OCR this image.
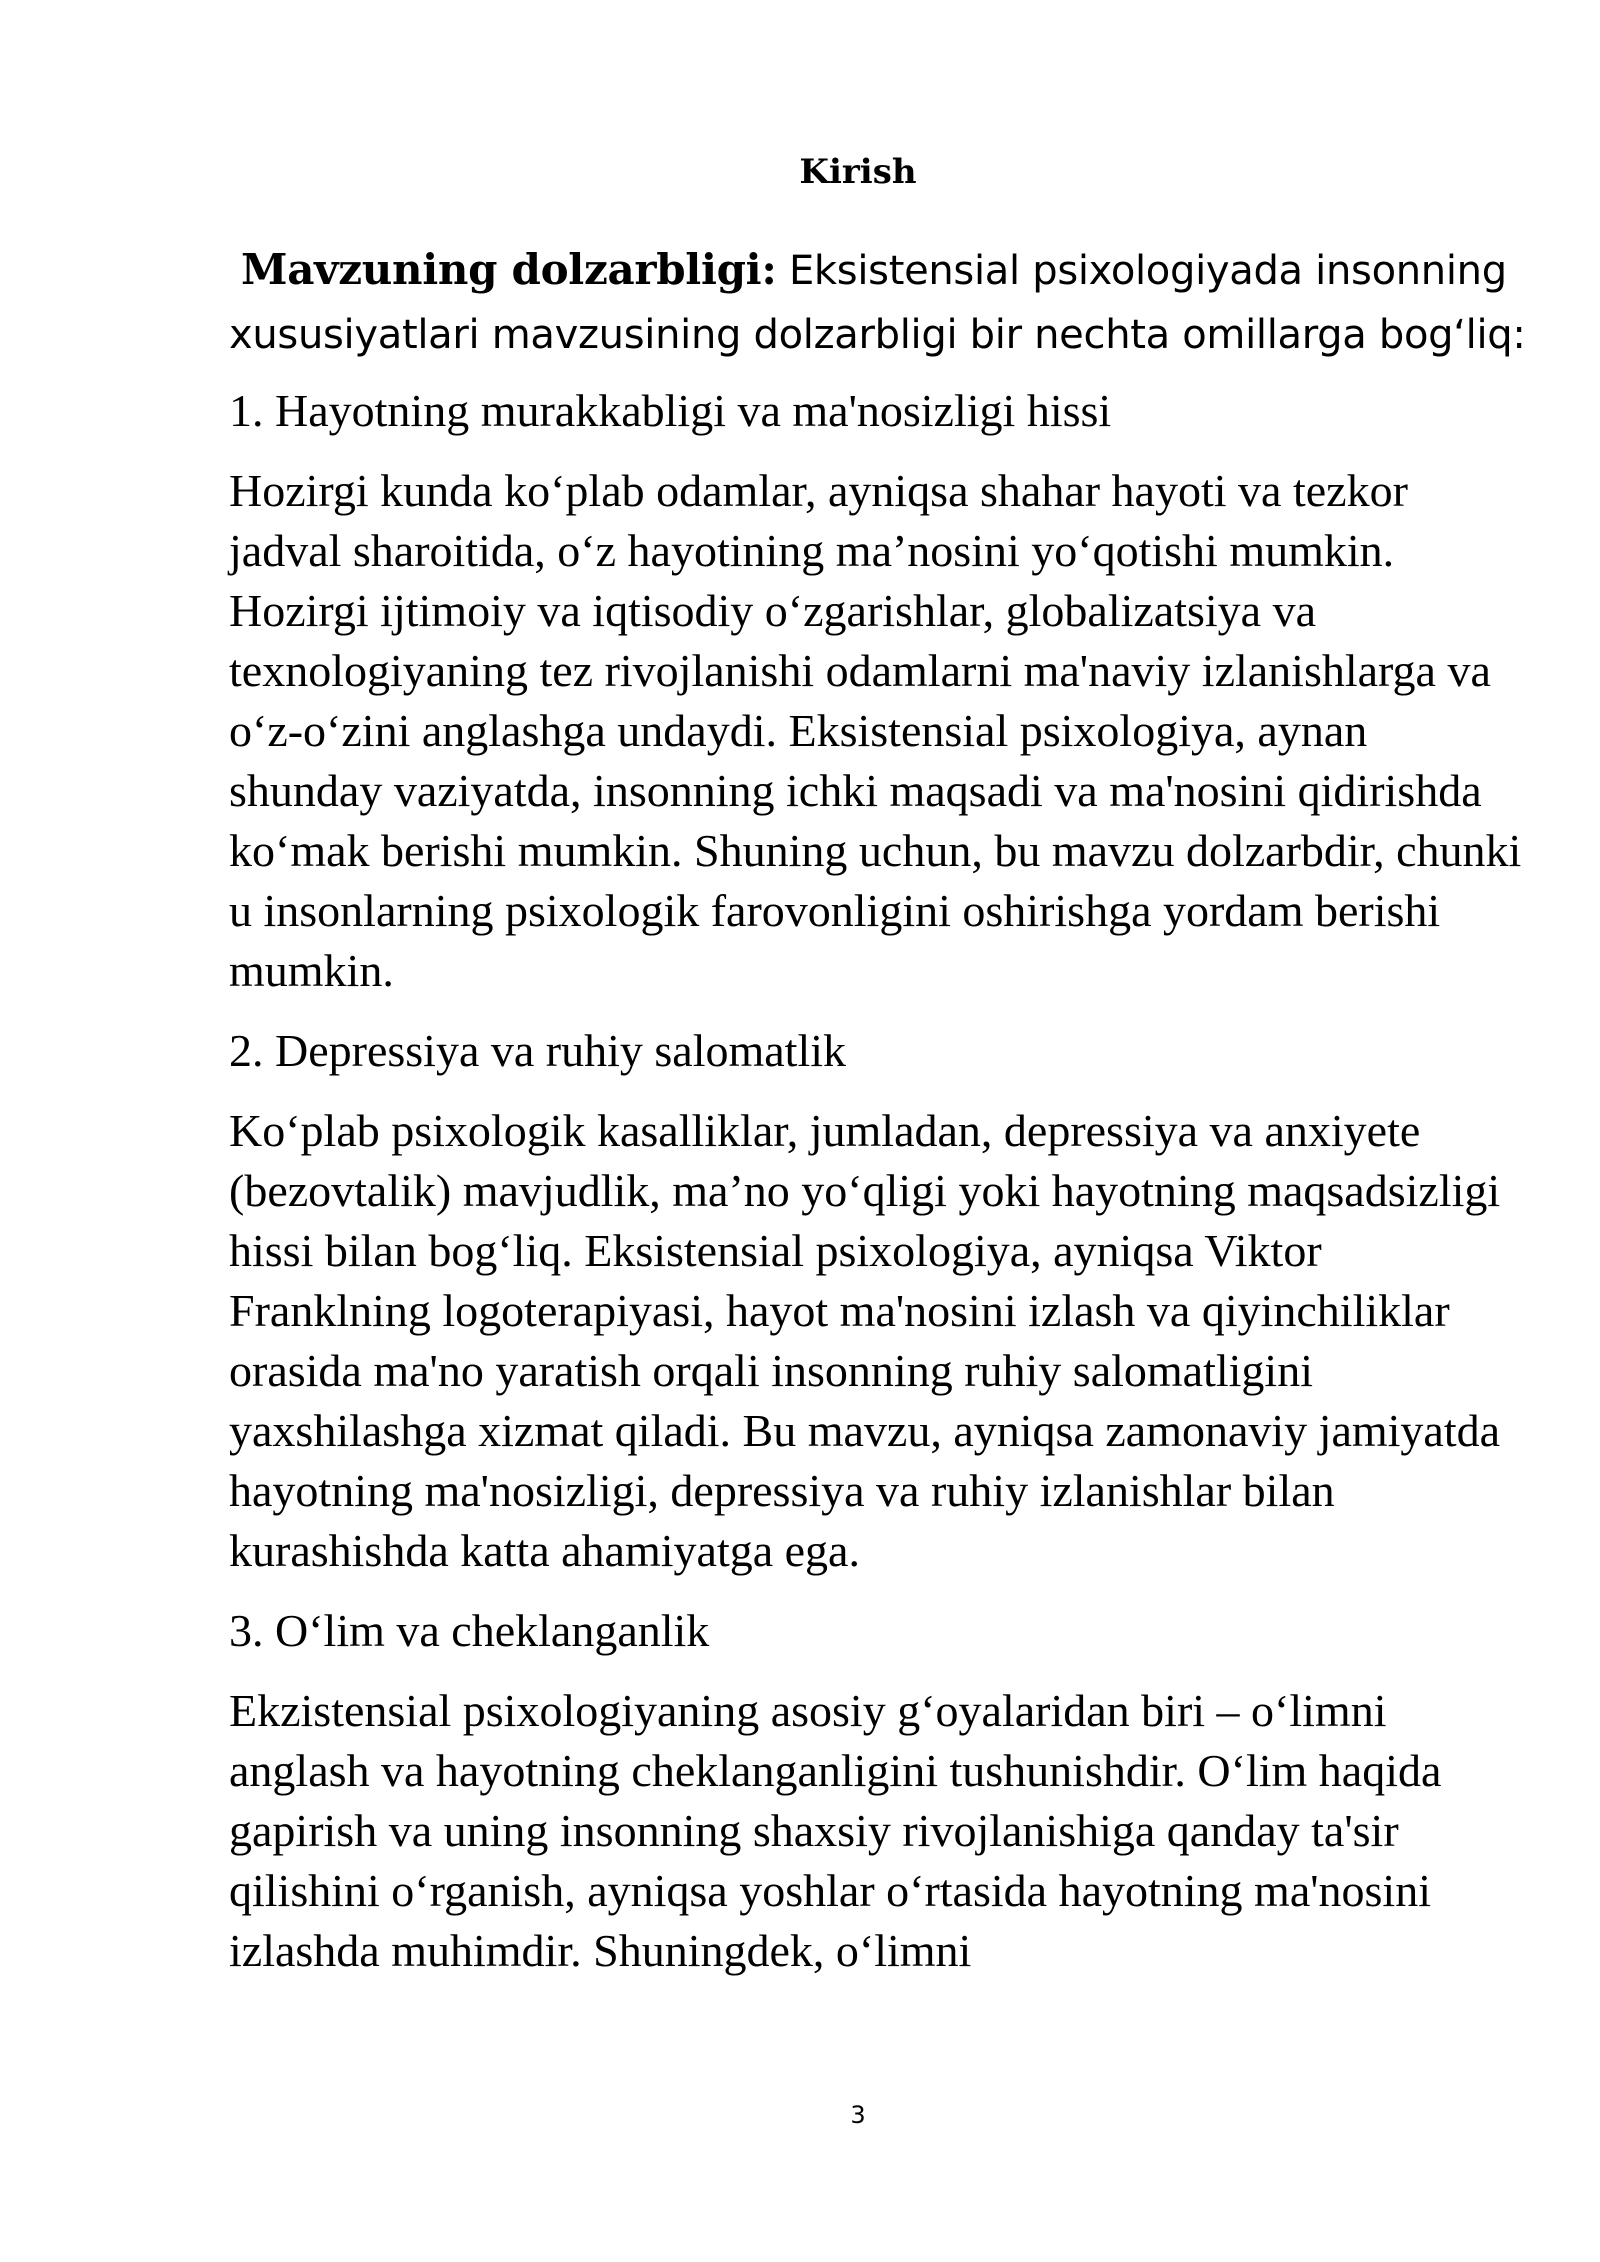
Kirish

Mavzuning dolzarbligi: Eksistensial psixologiyada insonning xususiyatlari mavzusining dolzarbligi bir nechta omillarga bog‘liq:

1. Hayotning murakkabligi va ma'nosizligi hissi

Hozirgi kunda ko‘plab odamlar, ayniqsa shahar hayoti va tezkor jadval sharoitida, o‘z hayotining ma’nosini yo‘qotishi mumkin. Hozirgi ijtimoiy va iqtisodiy o‘zgarishlar, globalizatsiya va texnologiyaning tez rivojlanishi odamlarni ma'naviy izlanishlarga va o‘z-o‘zini anglashga undaydi. Eksistensial psixologiya, aynan shunday vaziyatda, insonning ichki maqsadi va ma'nosini qidirishda ko‘mak berishi mumkin. Shuning uchun, bu mavzu dolzarbdir, chunki u insonlarning psixologik farovonligini oshirishga yordam berishi mumkin.

2. Depressiya va ruhiy salomatlik

Ko‘plab psixologik kasalliklar, jumladan, depressiya va anxiyete (bezovtalik) mavjudlik, ma’no yo‘qligi yoki hayotning maqsadsizligi hissi bilan bog‘liq. Eksistensial psixologiya, ayniqsa Viktor Franklning logoterapiyasi, hayot ma'nosini izlash va qiyinchiliklar orasida ma'no yaratish orqali insonning ruhiy salomatligini yaxshilashga xizmat qiladi. Bu mavzu, ayniqsa zamonaviy jamiyatda hayotning ma'nosizligi, depressiya va ruhiy izlanishlar bilan kurashishda katta ahamiyatga ega.

3. O‘lim va cheklanganlik

Ekzistensial psixologiyaning asosiy g‘oyalaridan biri – o‘limni anglash va hayotning cheklanganligini tushunishdir. O‘lim haqida gapirish va uning insonning shaxsiy rivojlanishiga qanday ta'sir qilishini o‘rganish, ayniqsa yoshlar o‘rtasida hayotning ma'nosini izlashda muhimdir. Shuningdek, o‘limni

3
